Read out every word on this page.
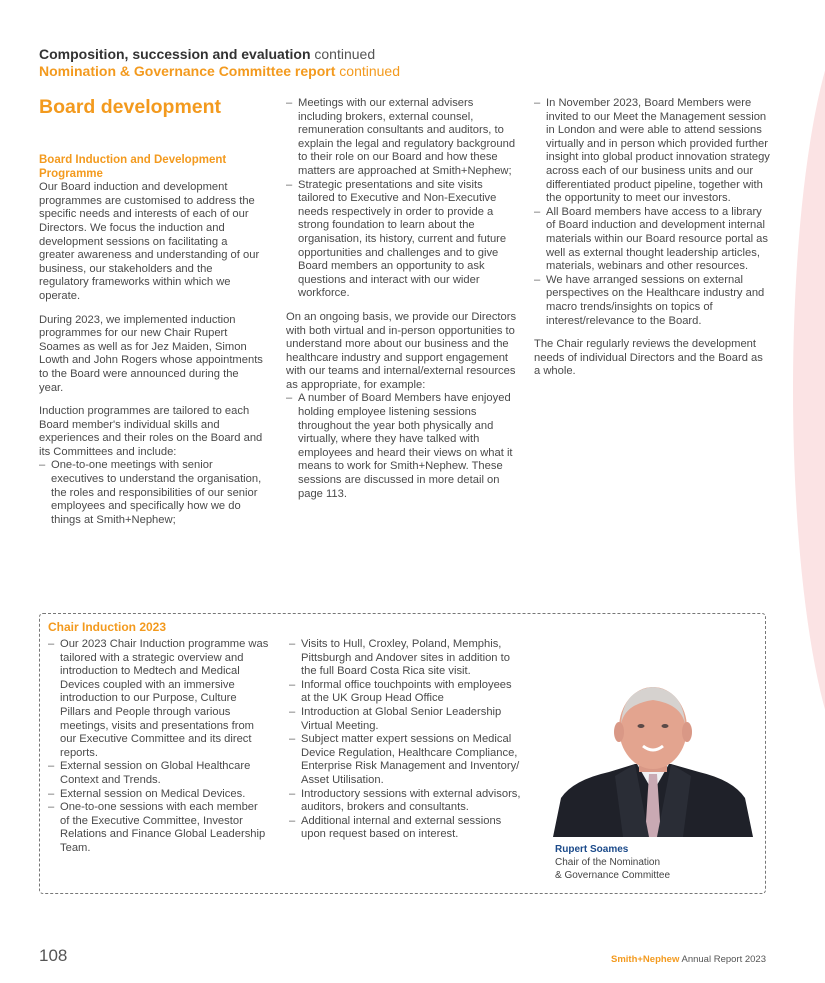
Composition, succession and evaluation continued
Nomination & Governance Committee report continued
Board development
Board Induction and Development Programme

Our Board induction and development programmes are customised to address the specific needs and interests of each of our Directors. We focus the induction and development sessions on facilitating a greater awareness and understanding of our business, our stakeholders and the regulatory frameworks within which we operate.

During 2023, we implemented induction programmes for our new Chair Rupert Soames as well as for Jez Maiden, Simon Lowth and John Rogers whose appointments to the Board were announced during the year.

Induction programmes are tailored to each Board member's individual skills and experiences and their roles on the Board and its Committees and include:

– One-to-one meetings with senior executives to understand the organisation, the roles and responsibilities of our senior employees and specifically how we do things at Smith+Nephew;
– Meetings with our external advisers including brokers, external counsel, remuneration consultants and auditors, to explain the legal and regulatory background to their role on our Board and how these matters are approached at Smith+Nephew;
– Strategic presentations and site visits tailored to Executive and Non-Executive needs respectively in order to provide a strong foundation to learn about the organisation, its history, current and future opportunities and challenges and to give Board members an opportunity to ask questions and interact with our wider workforce.

On an ongoing basis, we provide our Directors with both virtual and in-person opportunities to understand more about our business and the healthcare industry and support engagement with our teams and internal/external resources as appropriate, for example:

– A number of Board Members have enjoyed holding employee listening sessions throughout the year both physically and virtually, where they have talked with employees and heard their views on what it means to work for Smith+Nephew. These sessions are discussed in more detail on page 113.
– In November 2023, Board Members were invited to our Meet the Management session in London and were able to attend sessions virtually and in person which provided further insight into global product innovation strategy across each of our business units and our differentiated product pipeline, together with the opportunity to meet our investors.
– All Board members have access to a library of Board induction and development internal materials within our Board resource portal as well as external thought leadership articles, materials, webinars and other resources.
– We have arranged sessions on external perspectives on the Healthcare industry and macro trends/insights on topics of interest/relevance to the Board.

The Chair regularly reviews the development needs of individual Directors and the Board as a whole.

Chair Induction 2023
– Our 2023 Chair Induction programme was tailored with a strategic overview and introduction to Medtech and Medical Devices coupled with an immersive introduction to our Purpose, Culture Pillars and People through various meetings, visits and presentations from our Executive Committee and its direct reports.
– External session on Global Healthcare Context and Trends.
– External session on Medical Devices.
– One-to-one sessions with each member of the Executive Committee, Investor Relations and Finance Global Leadership Team.
– Visits to Hull, Croxley, Poland, Memphis, Pittsburgh and Andover sites in addition to the full Board Costa Rica site visit.
– Informal office touchpoints with employees at the UK Group Head Office
– Introduction at Global Senior Leadership Virtual Meeting.
– Subject matter expert sessions on Medical Device Regulation, Healthcare Compliance, Enterprise Risk Management and Inventory/ Asset Utilisation.
– Introductory sessions with external advisors, auditors, brokers and consultants.
– Additional internal and external sessions upon request based on interest.
Rupert Soames
Chair of the Nomination
& Governance Committee
108	Smith+Nephew Annual Report 2023
